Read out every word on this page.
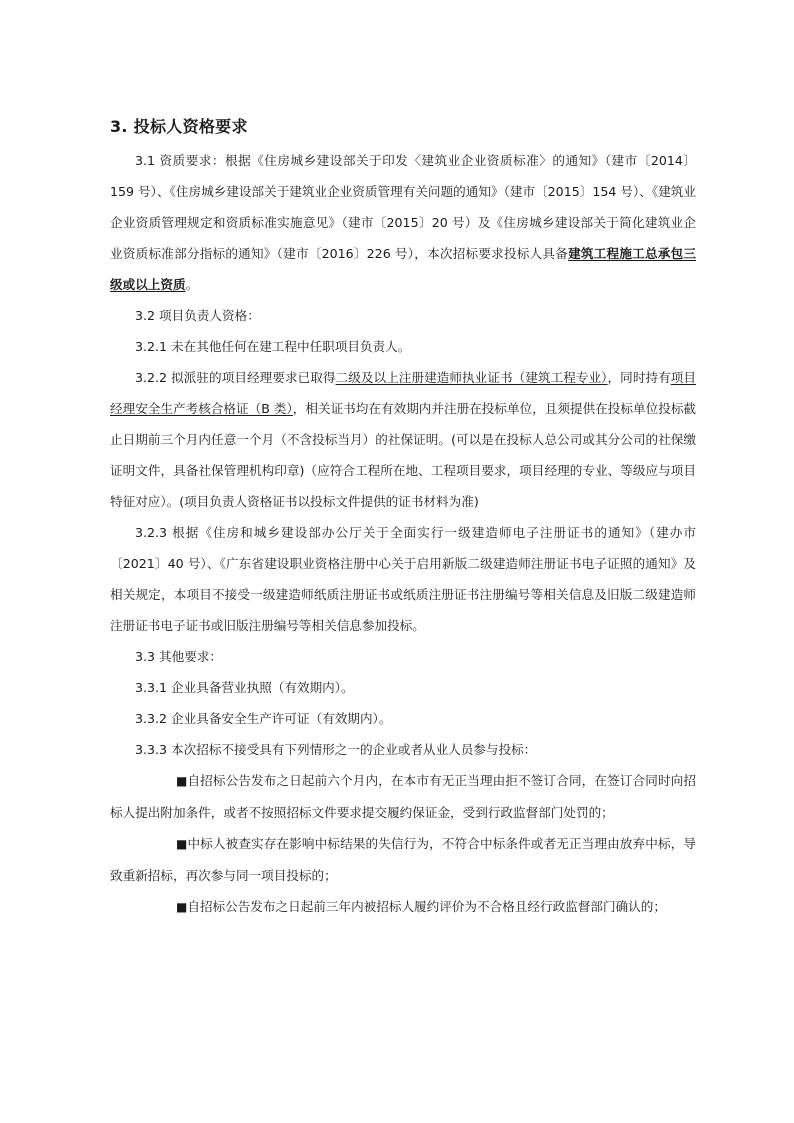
3. 投标人资格要求

3.1 资质要求：根据《住房城乡建设部关于印发〈建筑业企业资质标准〉的通知》（建市〔2014〕159 号）、《住房城乡建设部关于建筑业企业资质管理有关问题的通知》（建市〔2015〕154 号）、《建筑业企业资质管理规定和资质标准实施意见》（建市〔2015〕20 号）及《住房城乡建设部关于简化建筑业企业资质标准部分指标的通知》（建市〔2016〕226 号），本次招标要求投标人具备建筑工程施工总承包三级或以上资质。

3.2 项目负责人资格：

3.2.1 未在其他任何在建工程中任职项目负责人。

3.2.2 拟派驻的项目经理要求已取得二级及以上注册建造师执业证书（建筑工程专业），同时持有项目经理安全生产考核合格证（B 类），相关证书均在有效期内并注册在投标单位，且须提供在投标单位投标截止日期前三个月内任意一个月（不含投标当月）的社保证明。(可以是在投标人总公司或其分公司的社保缴证明文件，具备社保管理机构印章)（应符合工程所在地、工程项目要求，项目经理的专业、等级应与项目特征对应）。(项目负责人资格证书以投标文件提供的证书材料为准)

3.2.3 根据《住房和城乡建设部办公厅关于全面实行一级建造师电子注册证书的通知》（建办市〔2021〕40 号）、《广东省建设职业资格注册中心关于启用新版二级建造师注册证书电子证照的通知》及相关规定，本项目不接受一级建造师纸质注册证书或纸质注册证书注册编号等相关信息及旧版二级建造师注册证书电子证书或旧版注册编号等相关信息参加投标。

3.3 其他要求：

3.3.1 企业具备营业执照（有效期内）。

3.3.2 企业具备安全生产许可证（有效期内）。

3.3.3 本次招标不接受具有下列情形之一的企业或者从业人员参与投标：

■自招标公告发布之日起前六个月内，在本市有无正当理由拒不签订合同，在签订合同时向招标人提出附加条件，或者不按照招标文件要求提交履约保证金，受到行政监督部门处罚的；

■中标人被查实存在影响中标结果的失信行为，不符合中标条件或者无正当理由放弃中标，导致重新招标，再次参与同一项目投标的；

■自招标公告发布之日起前三年内被招标人履约评价为不合格且经行政监督部门确认的；
